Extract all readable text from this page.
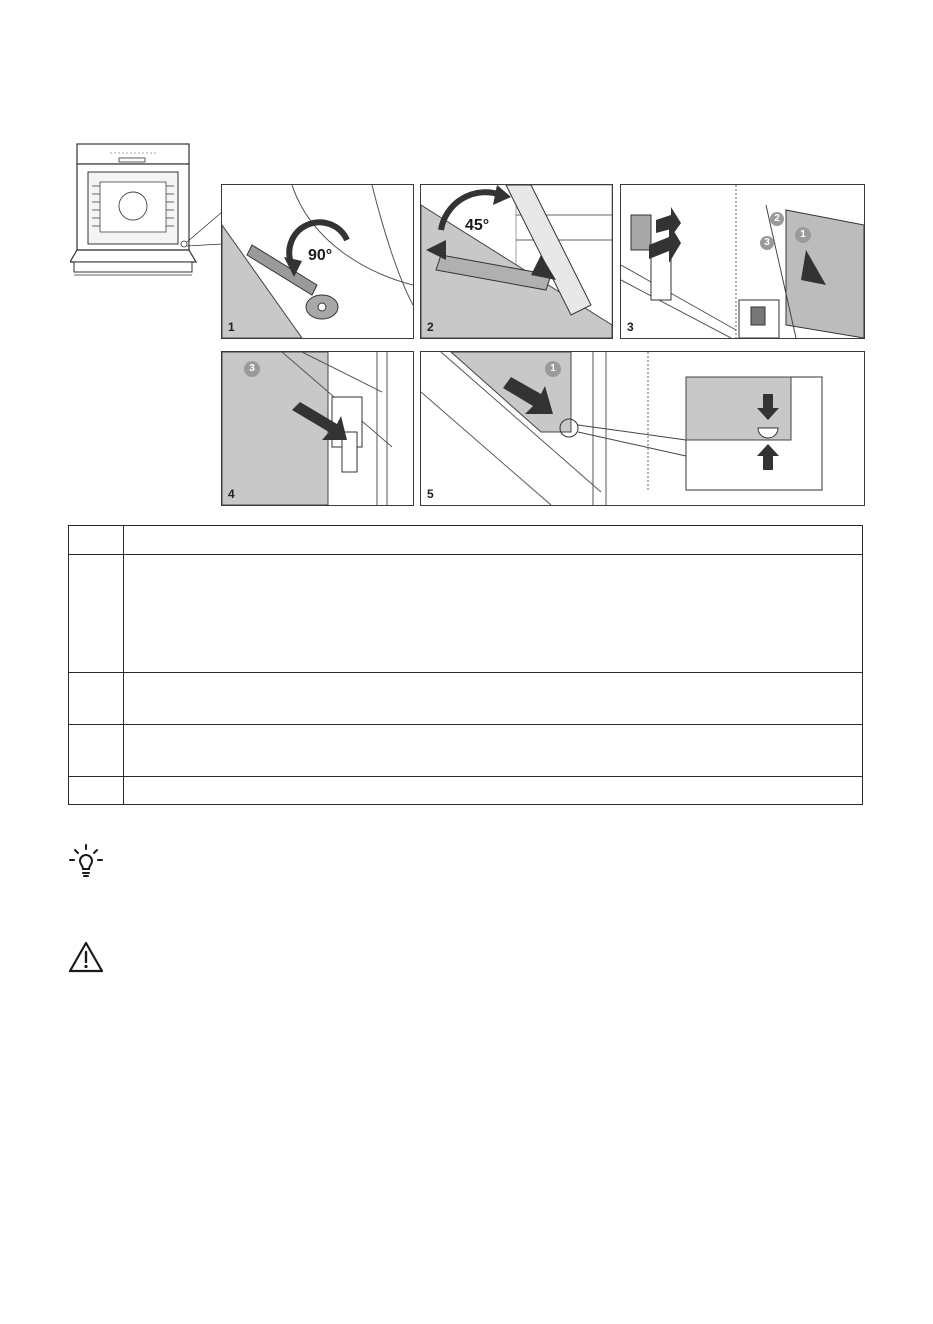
90°
1
45°
2
2
3
1
3
3
4
1
5
